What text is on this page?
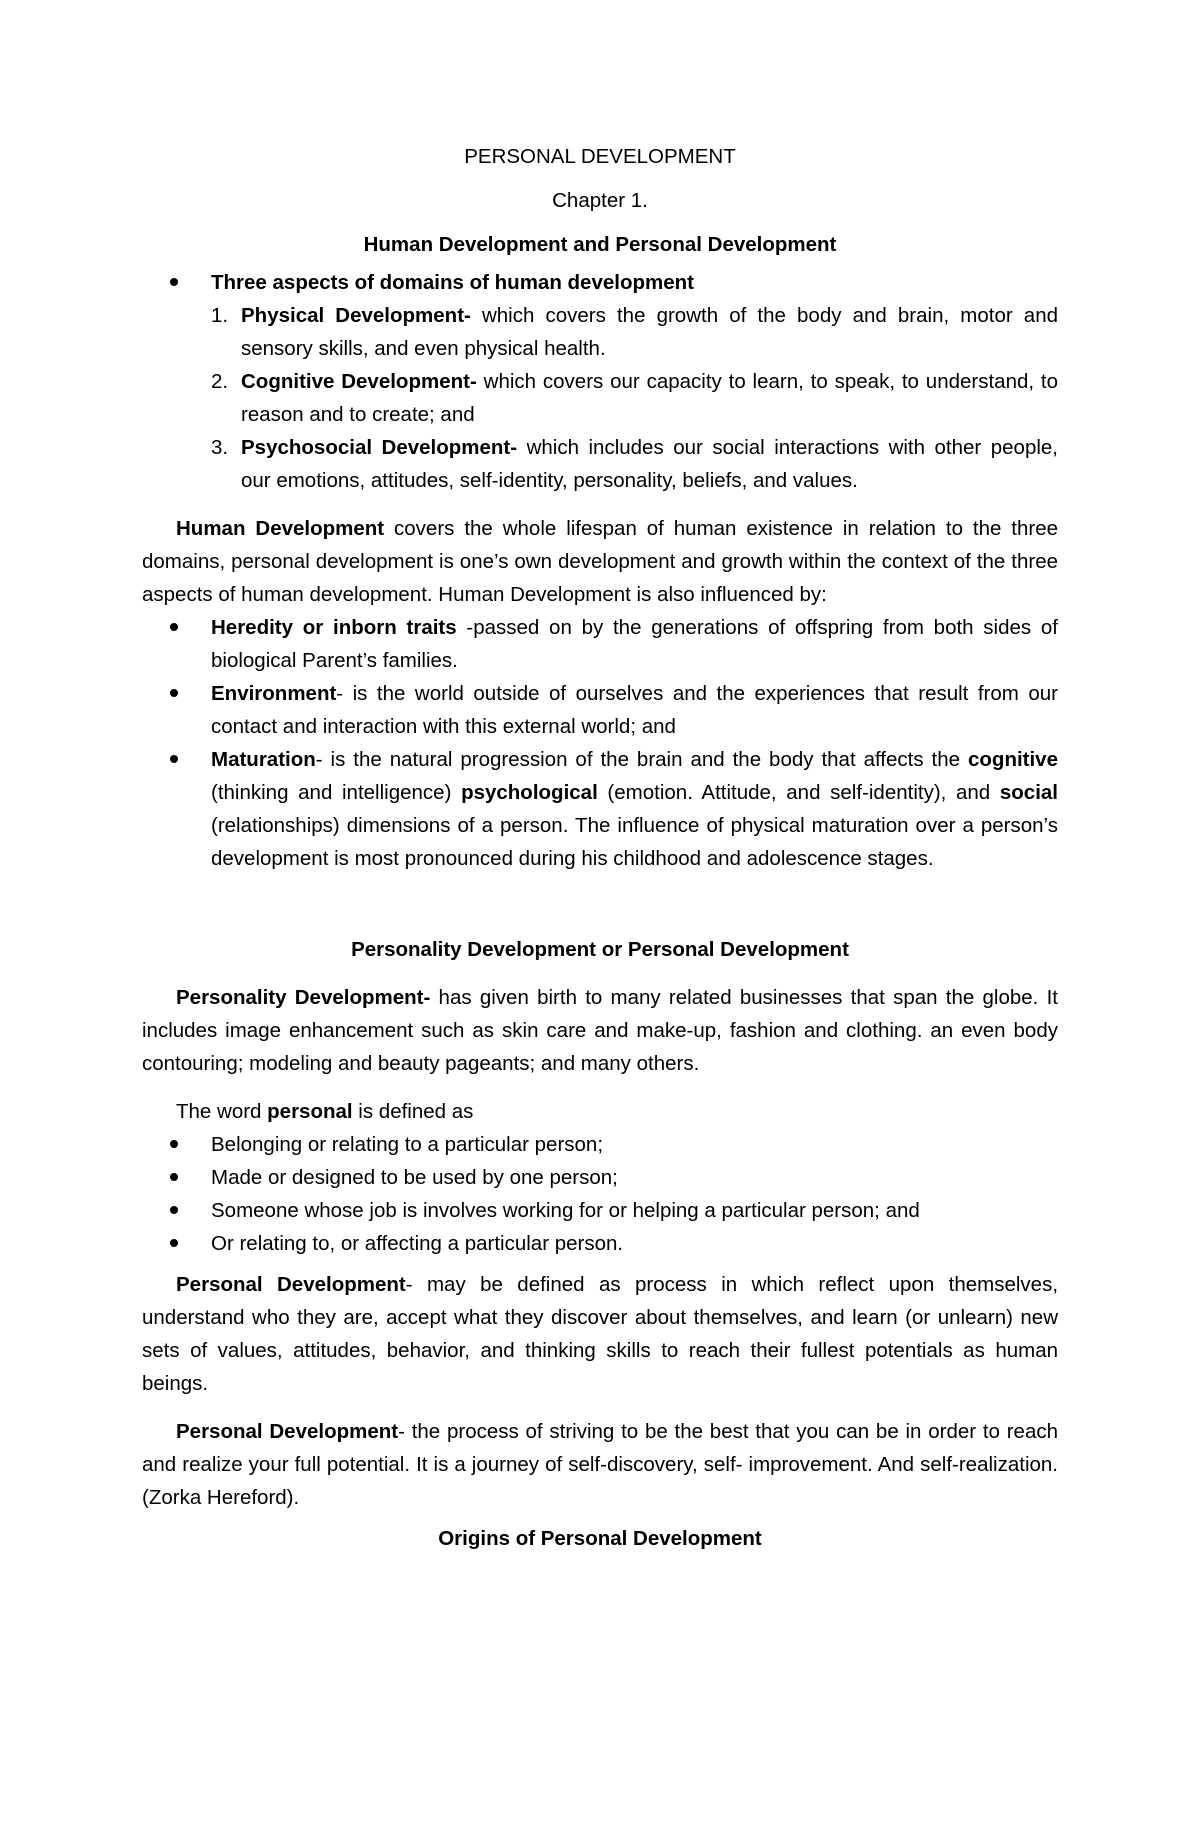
PERSONAL DEVELOPMENT

Chapter 1.

Human Development and Personal Development

Three aspects of domains of human development
1. Physical Development- which covers the growth of the body and brain, motor and sensory skills, and even physical health.
2. Cognitive Development- which covers our capacity to learn, to speak, to understand, to reason and to create; and
3. Psychosocial Development- which includes our social interactions with other people, our emotions, attitudes, self-identity, personality, beliefs, and values.

Human Development covers the whole lifespan of human existence in relation to the three domains, personal development is one’s own development and growth within the context of the three aspects of human development. Human Development is also influenced by:

Heredity or inborn traits -passed on by the generations of offspring from both sides of biological Parent’s families.
Environment- is the world outside of ourselves and the experiences that result from our contact and interaction with this external world; and
Maturation- is the natural progression of the brain and the body that affects the cognitive (thinking and intelligence) psychological (emotion. Attitude, and self-identity), and social (relationships) dimensions of a person. The influence of physical maturation over a person’s development is most pronounced during his childhood and adolescence stages.

Personality Development or Personal Development

Personality Development- has given birth to many related businesses that span the globe. It includes image enhancement such as skin care and make-up, fashion and clothing. an even body contouring; modeling and beauty pageants; and many others.

The word personal is defined as

Belonging or relating to a particular person;
Made or designed to be used by one person;
Someone whose job is involves working for or helping a particular person; and
Or relating to, or affecting a particular person.

Personal Development- may be defined as process in which reflect upon themselves, understand who they are, accept what they discover about themselves, and learn (or unlearn) new sets of values, attitudes, behavior, and thinking skills to reach their fullest potentials as human beings.

Personal Development- the process of striving to be the best that you can be in order to reach and realize your full potential. It is a journey of self-discovery, self- improvement. And self-realization. (Zorka Hereford).

Origins of Personal Development
